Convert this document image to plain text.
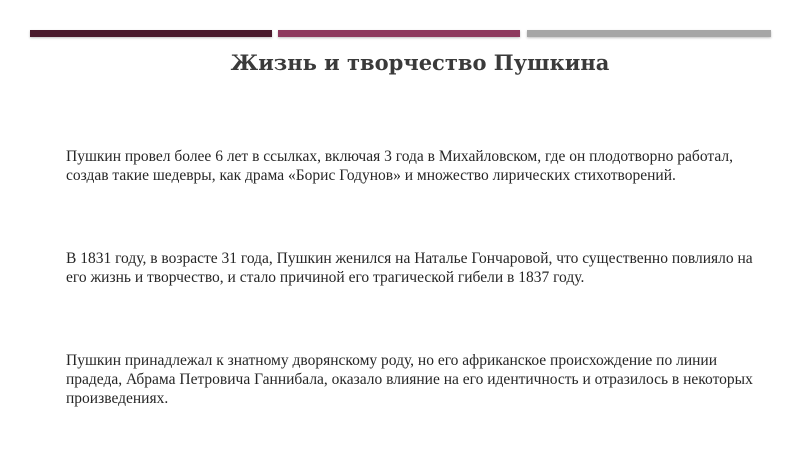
Жизнь и творчество Пушкина

Пушкин провел более 6 лет в ссылках, включая 3 года в Михайловском, где он плодотворно работал, создав такие шедевры, как драма «Борис Годунов» и множество лирических стихотворений.

В 1831 году, в возрасте 31 года, Пушкин женился на Наталье Гончаровой, что существенно повлияло на его жизнь и творчество, и стало причиной его трагической гибели в 1837 году.

Пушкин принадлежал к знатному дворянскому роду, но его африканское происхождение по линии прадеда, Абрама Петровича Ганнибала, оказало влияние на его идентичность и отразилось в некоторых произведениях.
